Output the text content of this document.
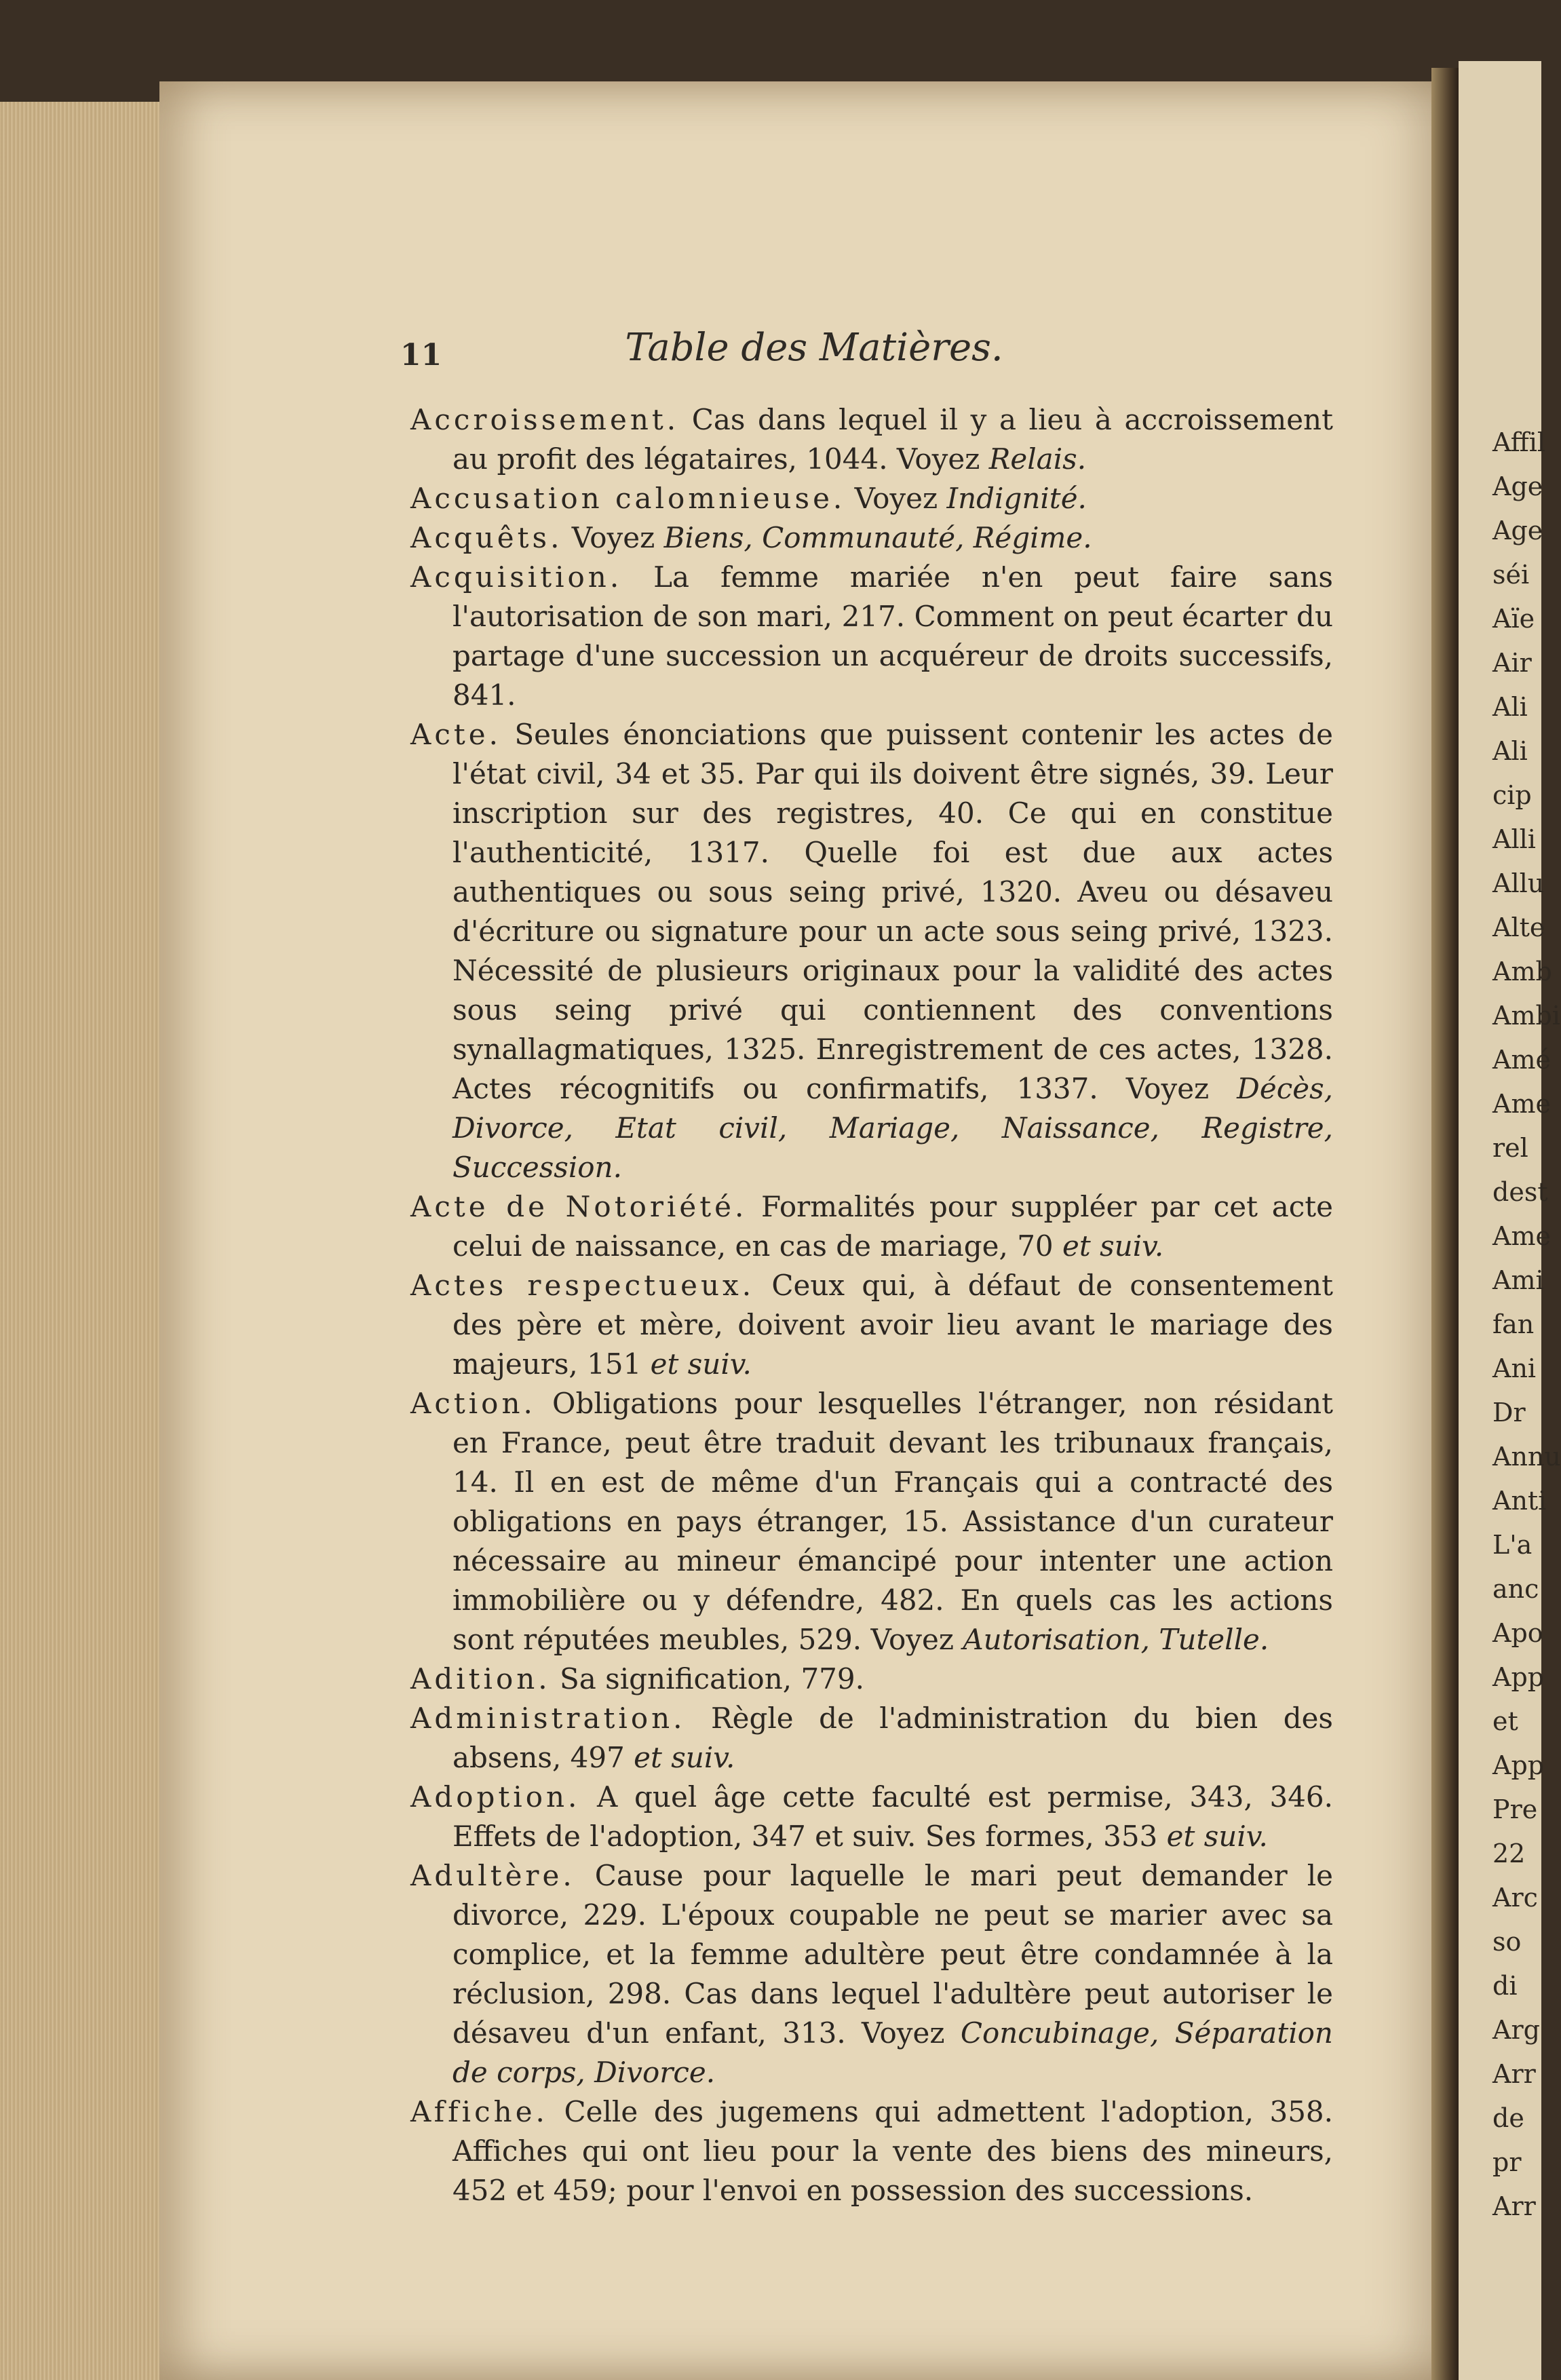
Affil
Age
Age
séi
Aïe
Air
Ali
Ali
cip
Alli
Allu
Alte
Amb
Ambi
Amé
Ame
rel
dest
Ame
Ami
fan
Ani
Dr
Annu
Anti
L'a
anc
Apo
App
et
App
Pre
22
Arc
so
di
Arg
Arr
de
pr
Arr
11	Table des Matières.

Accroissement. Cas dans lequel il y a lieu à accroissement au profit des légataires, 1044. Voyez Relais.

Accusation calomnieuse. Voyez Indignité.

Acquêts. Voyez Biens, Communauté, Régime.

Acquisition. La femme mariée n'en peut faire sans l'autorisation de son mari, 217. Comment on peut écarter du partage d'une succession un acquéreur de droits successifs, 841.

Acte. Seules énonciations que puissent contenir les actes de l'état civil, 34 et 35. Par qui ils doivent être signés, 39. Leur inscription sur des registres, 40. Ce qui en constitue l'authenticité, 1317. Quelle foi est due aux actes authentiques ou sous seing privé, 1320. Aveu ou désaveu d'écriture ou signature pour un acte sous seing privé, 1323. Nécessité de plusieurs originaux pour la validité des actes sous seing privé qui contiennent des conventions synallagmatiques, 1325. Enregistrement de ces actes, 1328. Actes récognitifs ou confirmatifs, 1337. Voyez Décès, Divorce, Etat civil, Mariage, Naissance, Registre, Succession.

Acte de Notoriété. Formalités pour suppléer par cet acte celui de naissance, en cas de mariage, 70 et suiv.

Actes respectueux. Ceux qui, à défaut de consentement des père et mère, doivent avoir lieu avant le mariage des majeurs, 151 et suiv.

Action. Obligations pour lesquelles l'étranger, non résidant en France, peut être traduit devant les tribunaux français, 14. Il en est de même d'un Français qui a contracté des obligations en pays étranger, 15. Assistance d'un curateur nécessaire au mineur émancipé pour intenter une action immobilière ou y défendre, 482. En quels cas les actions sont réputées meubles, 529. Voyez Autorisation, Tutelle.

Adition. Sa signification, 779.

Administration. Règle de l'administration du bien des absens, 497 et suiv.

Adoption. A quel âge cette faculté est permise, 343, 346. Effets de l'adoption, 347 et suiv. Ses formes, 353 et suiv.

Adultère. Cause pour laquelle le mari peut demander le divorce, 229. L'époux coupable ne peut se marier avec sa complice, et la femme adultère peut être condamnée à la réclusion, 298. Cas dans lequel l'adultère peut autoriser le désaveu d'un enfant, 313. Voyez Concubinage, Séparation de corps, Divorce.

Affiche. Celle des jugemens qui admettent l'adoption, 358. Affiches qui ont lieu pour la vente des biens des mineurs, 452 et 459; pour l'envoi en possession des successions.
